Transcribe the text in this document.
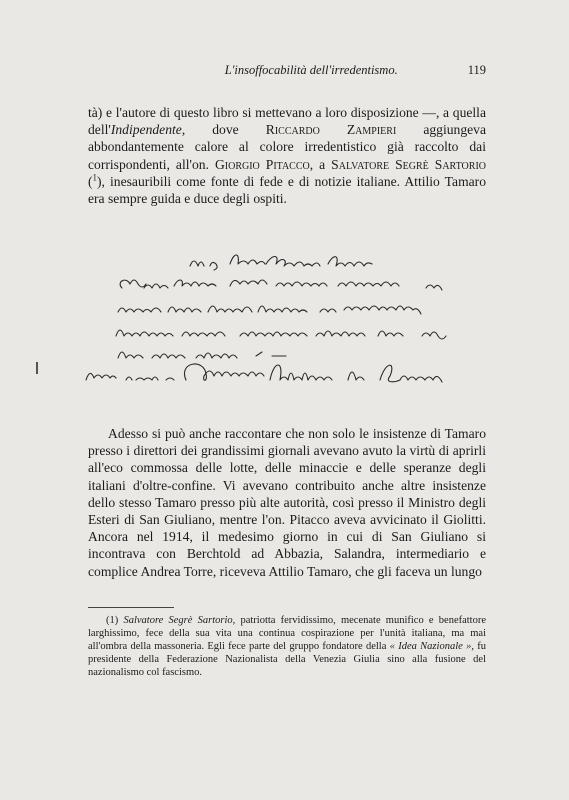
L'insoffocabilità dell'irredentismo.	119

tà) e l'autore di questo libro si mettevano a loro disposizione —, a quella dell'Indipendente, dove Riccardo Zampieri aggiungeva abbondantemente calore al colore irredentistico già raccolto dai corrispondenti, all'on. Giorgio Pitacco, a Salvatore Segrè Sartorio ($^1$), inesauribili come fonte di fede e di notizie italiane. Attilio Tamaro era sempre guida e duce degli ospiti.

Adesso si può anche raccontare che non solo le insistenze di Tamaro presso i direttori dei grandissimi giornali avevano avuto la virtù di aprirli all'eco commossa delle lotte, delle minaccie e delle speranze degli italiani d'oltre-confine. Vi avevano contribuito anche altre insistenze dello stesso Tamaro presso più alte autorità, così presso il Ministro degli Esteri di San Giuliano, mentre l'on. Pitacco aveva avvicinato il Giolitti. Ancora nel 1914, il medesimo giorno in cui di San Giuliano si incontrava con Berchtold ad Abbazia, Salandra, intermediario e complice Andrea Torre, riceveva Attilio Tamaro, che gli faceva un lungo

(1) Salvatore Segrè Sartorio, patriotta fervidissimo, mecenate munifico e benefattore larghissimo, fece della sua vita una continua cospirazione per l'unità italiana, ma mai all'ombra della massoneria. Egli fece parte del gruppo fondatore della « Idea Nazionale », fu presidente della Federazione Nazionalista della Venezia Giulia sino alla fusione del nazionalismo col fascismo.
